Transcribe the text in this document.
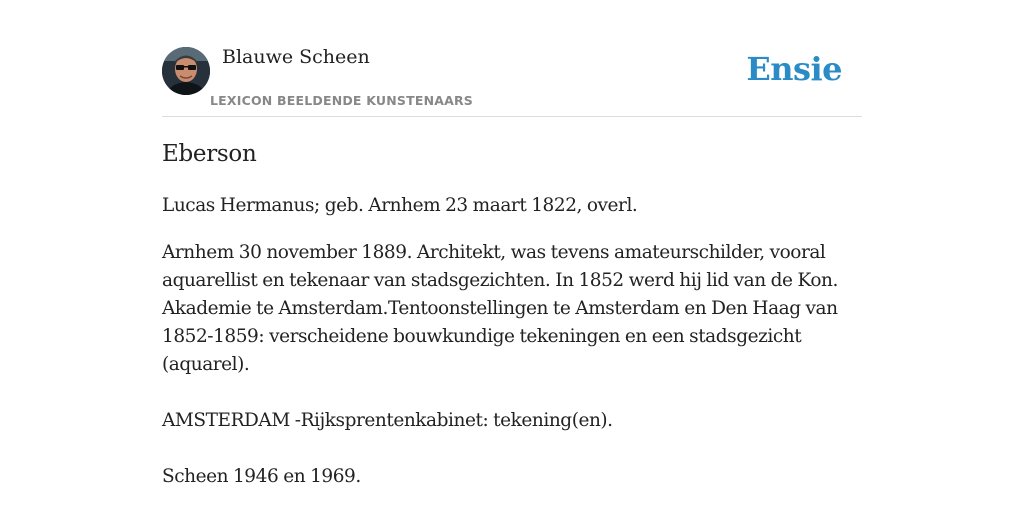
Blauwe Scheen
LEXICON BEELDENDE KUNSTENAARS
Ensie
Eberson

Lucas Hermanus; geb. Arnhem 23 maart 1822, overl.

Arnhem 30 november 1889. Architekt, was tevens amateurschilder, vooral
aquarellist en tekenaar van stadsgezichten. In 1852 werd hij lid van de Kon.
Akademie te Amsterdam.Tentoonstellingen te Amsterdam en Den Haag van
1852-1859: verscheidene bouwkundige tekeningen en een stadsgezicht (aquarel).

AMSTERDAM -Rijksprentenkabinet: tekening(en).

Scheen 1946 en 1969.
